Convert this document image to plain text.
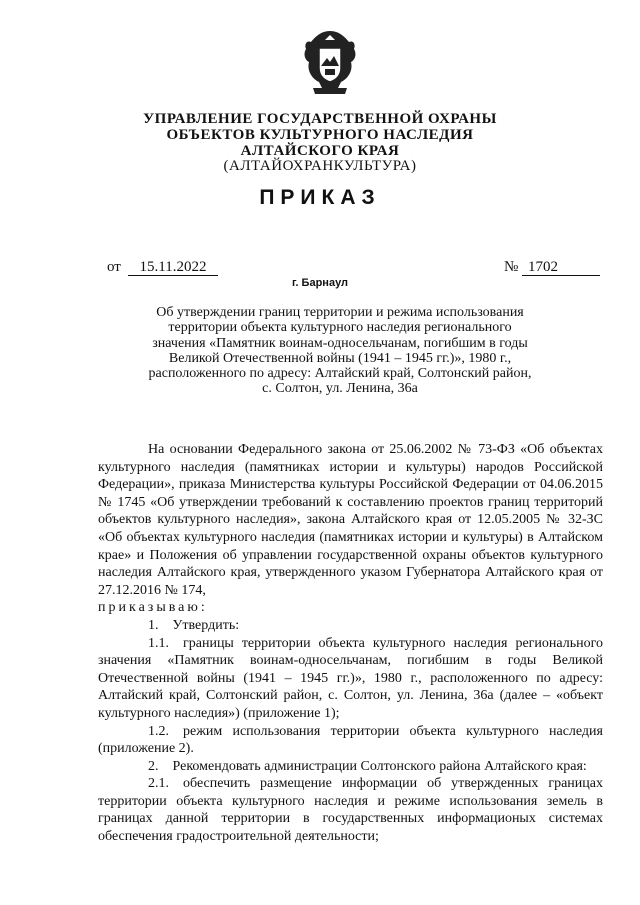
УПРАВЛЕНИЕ ГОСУДАРСТВЕННОЙ ОХРАНЫ
ОБЪЕКТОВ КУЛЬТУРНОГО НАСЛЕДИЯ
АЛТАЙСКОГО КРАЯ
(АЛТАЙОХРАНКУЛЬТУРА)
ПРИКАЗ
от	15.11.2022	№ 1702
г. Барнаул
Об утверждении границ территории и режима использования
территории объекта культурного наследия регионального
значения «Памятник воинам-односельчанам, погибшим в годы
Великой Отечественной войны (1941 – 1945 гг.)», 1980 г.,
расположенного по адресу: Алтайский край, Солтонский район,
с. Солтон, ул. Ленина, 36а

На основании Федерального закона от 25.06.2002 № 73-ФЗ «Об объектах культурного наследия (памятниках истории и культуры) народов Российской Федерации», приказа Министерства культуры Российской Федерации от 04.06.2015 № 1745 «Об утверждении требований к составлению проектов границ территорий объектов культурного наследия», закона Алтайского края от 12.05.2005 № 32-ЗС «Об объектах культурного наследия (памятниках истории и культуры) в Алтайском крае» и Положения об управлении государственной охраны объектов культурного наследия Алтайского края, утвержденного указом Губернатора Алтайского края от 27.12.2016 № 174,

приказываю:

1. Утвердить:

1.1. границы территории объекта культурного наследия регионального значения «Памятник воинам-односельчанам, погибшим в годы Великой Отечественной войны (1941 – 1945 гг.)», 1980 г., расположенного по адресу: Алтайский край, Солтонский район, с. Солтон, ул. Ленина, 36а (далее – «объект культурного наследия») (приложение 1);

1.2. режим использования территории объекта культурного наследия (приложение 2).

2. Рекомендовать администрации Солтонского района Алтайского края:

2.1. обеспечить размещение информации об утвержденных границах территории объекта культурного наследия и режиме использования земель в границах данной территории в государственных информационых системах обеспечения градостроительной деятельности;
